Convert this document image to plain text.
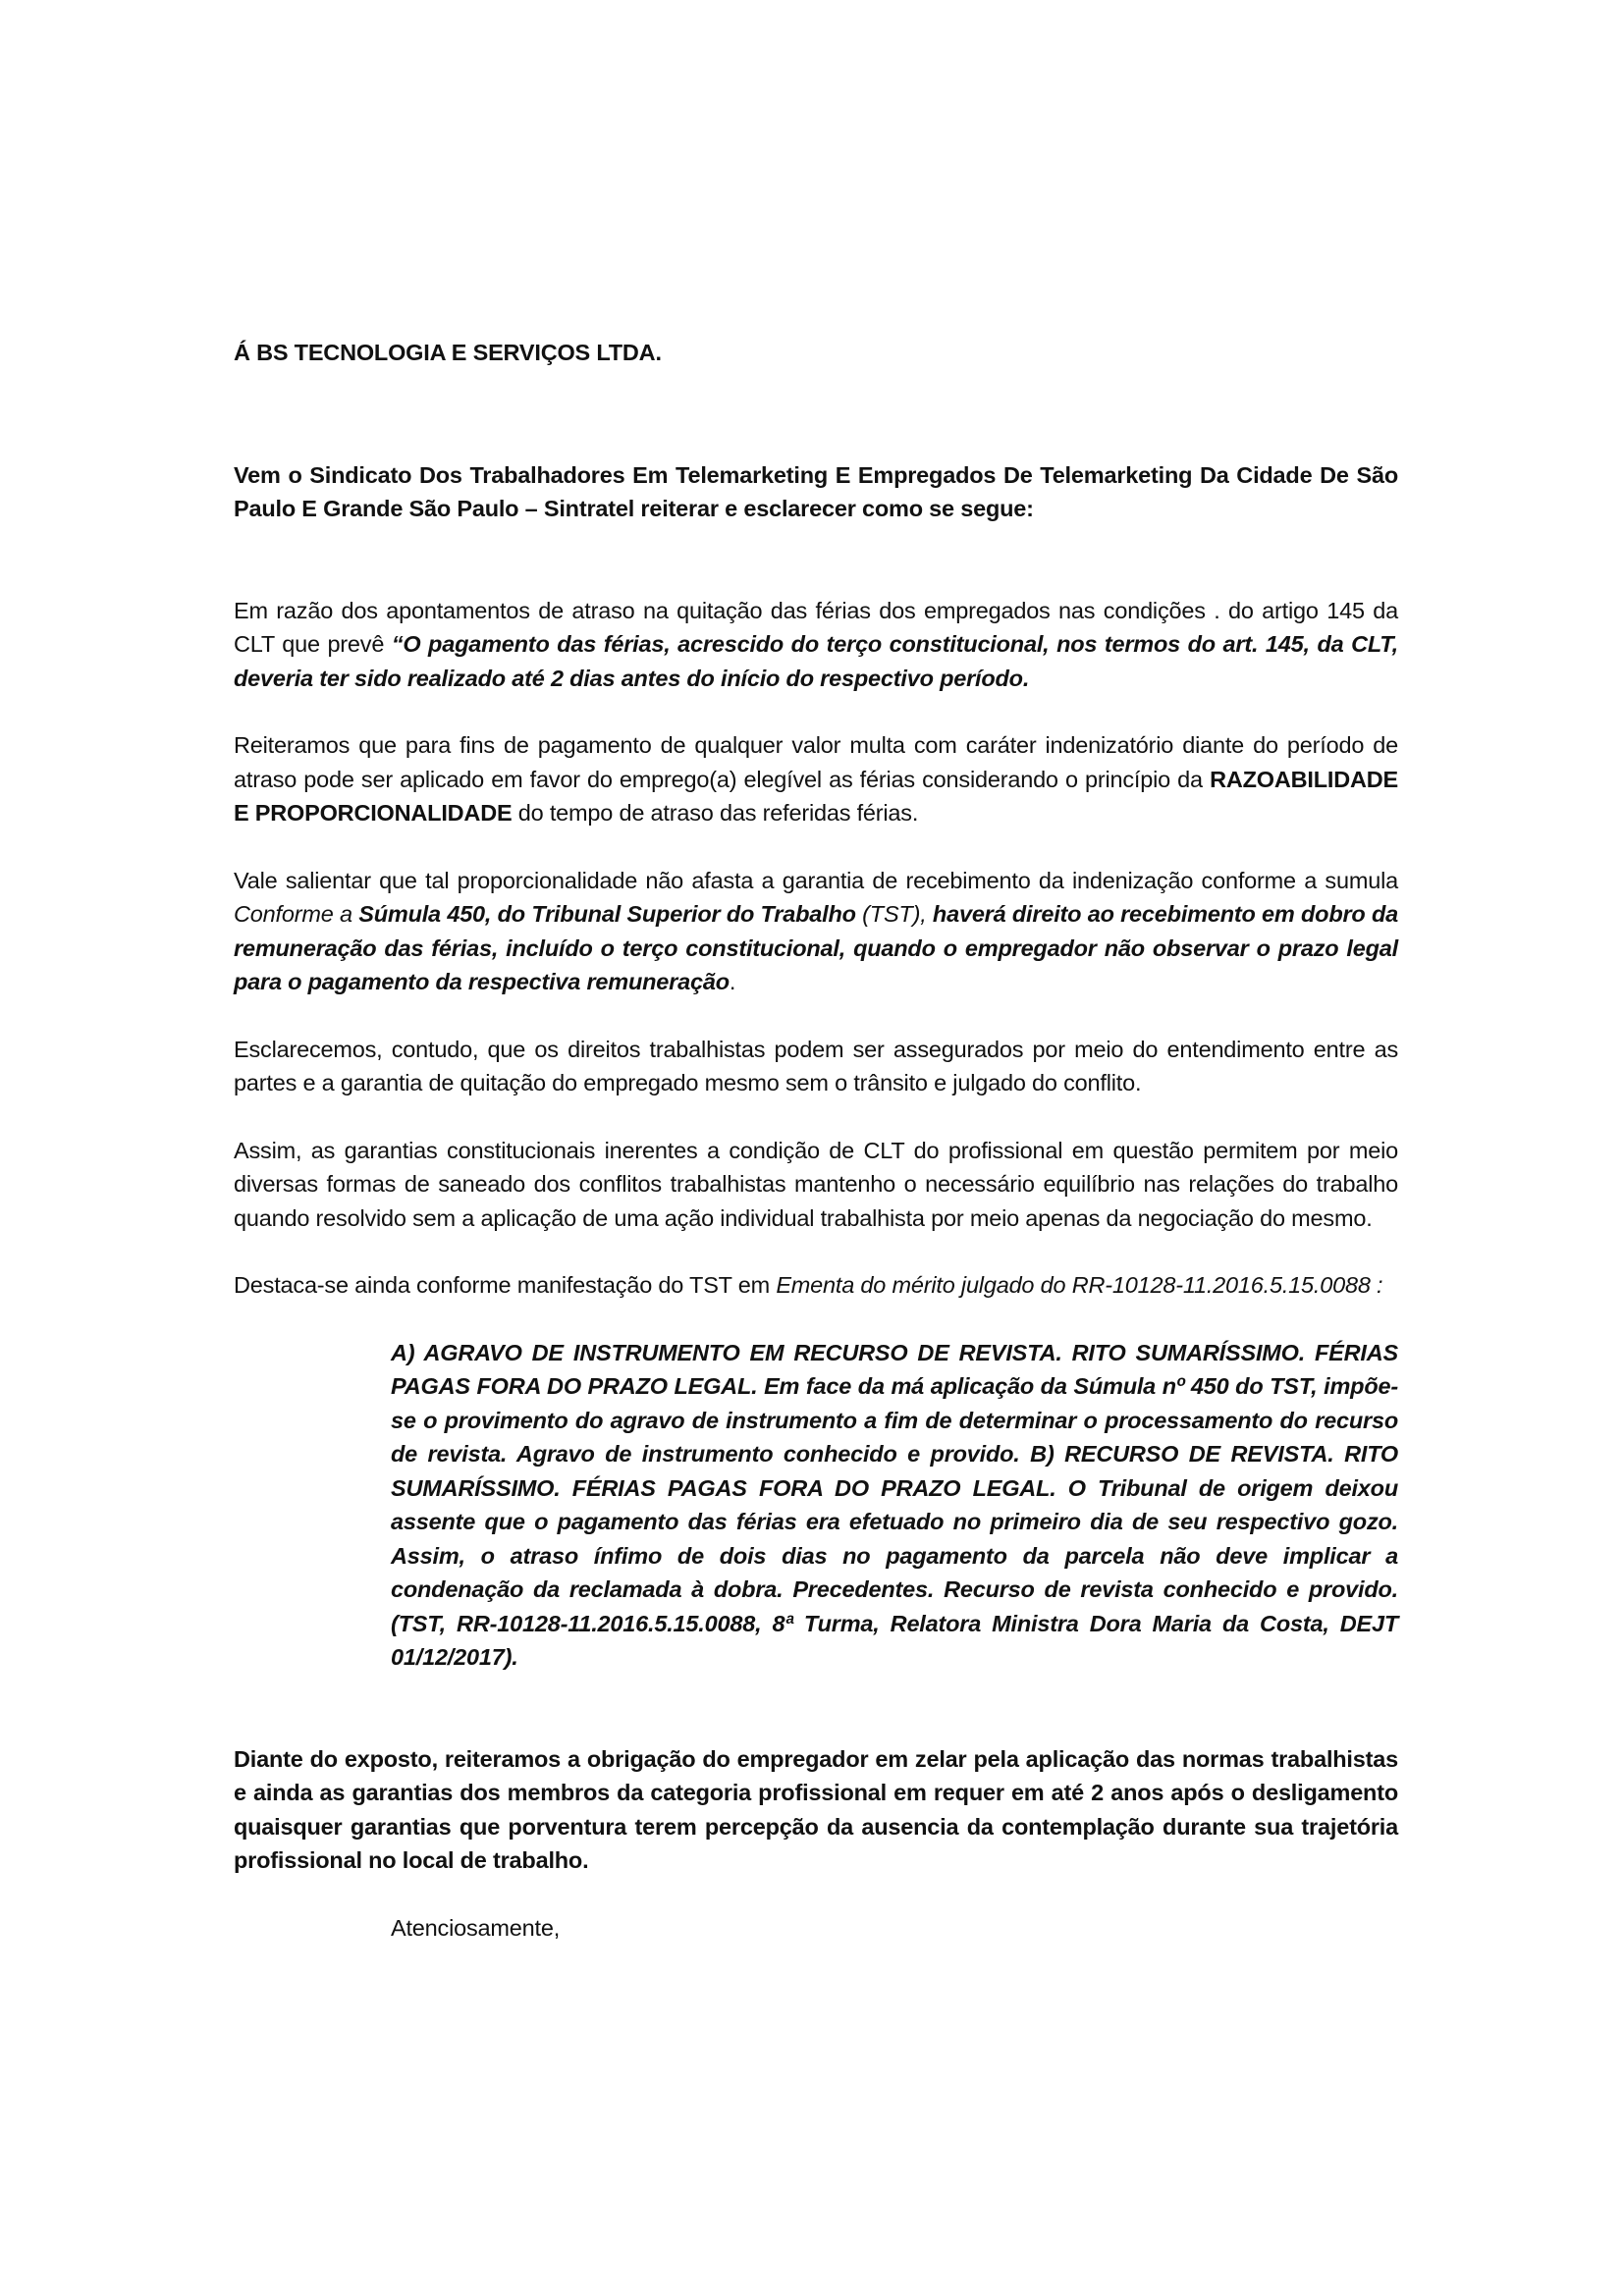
Á BS TECNOLOGIA E SERVIÇOS LTDA.

Vem o Sindicato Dos Trabalhadores Em Telemarketing E Empregados De Telemarketing Da Cidade De São Paulo E Grande São Paulo – Sintratel reiterar e esclarecer como se segue:

Em razão dos apontamentos de atraso na quitação das férias dos empregados nas condições . do artigo 145 da CLT que prevê “O pagamento das férias, acrescido do terço constitucional, nos termos do art. 145, da CLT, deveria ter sido realizado até 2 dias antes do início do respectivo período.

Reiteramos que para fins de pagamento de qualquer valor multa com caráter indenizatório diante do período de atraso pode ser aplicado em favor do emprego(a) elegível as férias considerando o princípio da RAZOABILIDADE E PROPORCIONALIDADE do tempo de atraso das referidas férias.

Vale salientar que tal proporcionalidade não afasta a garantia de recebimento da indenização conforme a sumula Conforme a Súmula 450, do Tribunal Superior do Trabalho (TST), haverá direito ao recebimento em dobro da remuneração das férias, incluído o terço constitucional, quando o empregador não observar o prazo legal para o pagamento da respectiva remuneração.

Esclarecemos, contudo, que os direitos trabalhistas podem ser assegurados por meio do entendimento entre as partes e a garantia de quitação do empregado mesmo sem o trânsito e julgado do conflito.

Assim, as garantias constitucionais inerentes a condição de CLT do profissional em questão permitem por meio diversas formas de saneado dos conflitos trabalhistas mantenho o necessário equilíbrio nas relações do trabalho quando resolvido sem a aplicação de uma ação individual trabalhista por meio apenas da negociação do mesmo.

Destaca-se ainda conforme manifestação do TST em Ementa do mérito julgado do RR-10128-11.2016.5.15.0088 :

A) AGRAVO DE INSTRUMENTO EM RECURSO DE REVISTA. RITO SUMARÍSSIMO. FÉRIAS PAGAS FORA DO PRAZO LEGAL. Em face da má aplicação da Súmula nº 450 do TST, impõe-se o provimento do agravo de instrumento a fim de determinar o processamento do recurso de revista. Agravo de instrumento conhecido e provido. B) RECURSO DE REVISTA. RITO SUMARÍSSIMO. FÉRIAS PAGAS FORA DO PRAZO LEGAL. O Tribunal de origem deixou assente que o pagamento das férias era efetuado no primeiro dia de seu respectivo gozo. Assim, o atraso ínfimo de dois dias no pagamento da parcela não deve implicar a condenação da reclamada à dobra. Precedentes. Recurso de revista conhecido e provido. (TST, RR-10128-11.2016.5.15.0088, 8ª Turma, Relatora Ministra Dora Maria da Costa, DEJT 01/12/2017).

Diante do exposto, reiteramos a obrigação do empregador em zelar pela aplicação das normas trabalhistas e ainda as garantias dos membros da categoria profissional em requer em até 2 anos após o desligamento quaisquer garantias que porventura terem percepção da ausencia da contemplação durante sua trajetória profissional no local de trabalho.

Atenciosamente,
